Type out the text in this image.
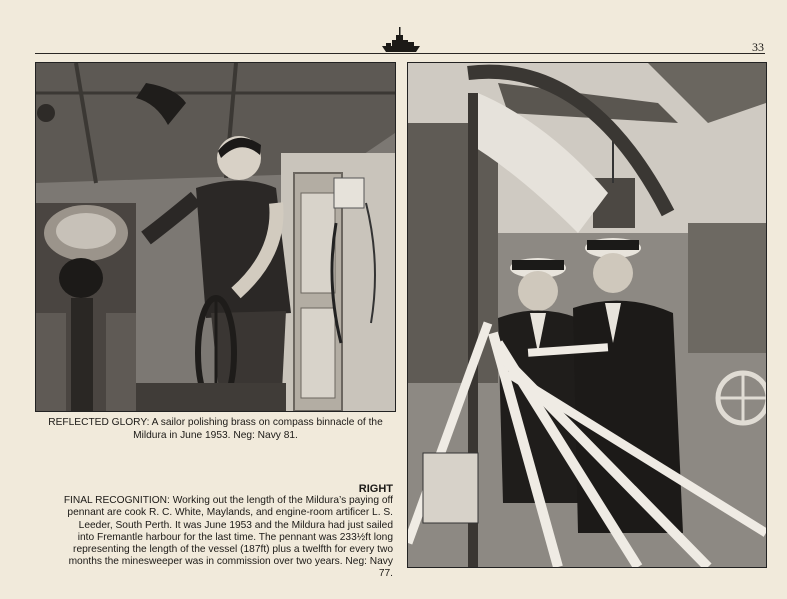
33
REFLECTED GLORY: A sailor polishing brass on compass binnacle of the Mildura in June 1953. Neg: Navy 81.
RIGHT
FINAL RECOGNITION: Working out the length of the Mildura’s paying off pennant are cook R. C. White, Maylands, and engine-room artificer L. S. Leeder, South Perth. It was June 1953 and the Mildura had just sailed into Fremantle harbour for the last time. The pennant was 233½ft long representing the length of the vessel (187ft) plus a twelfth for every two months the minesweeper was in commission over two years. Neg: Navy 77.
